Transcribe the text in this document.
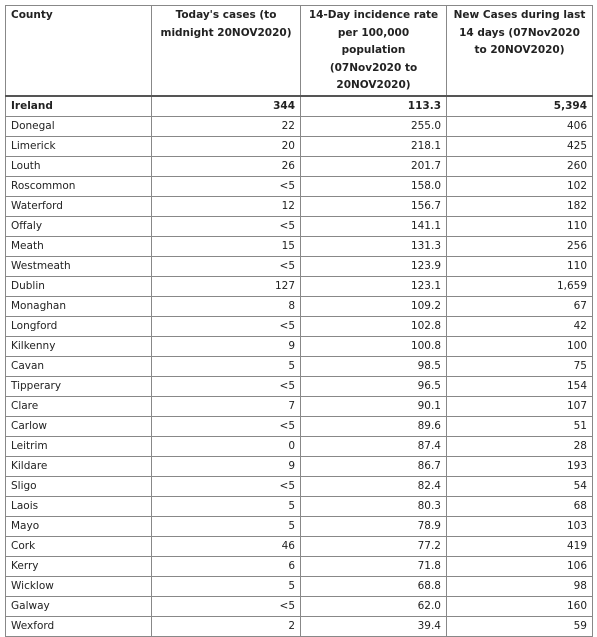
County	Today's cases (to midnight 20NOV2020)	14-Day incidence rate per 100,000 population (07Nov2020 to 20NOV2020)	New Cases during last 14 days (07Nov2020 to 20NOV2020)
Ireland	344	113.3	5,394
Donegal	22	255.0	406
Limerick	20	218.1	425
Louth	26	201.7	260
Roscommon	<5	158.0	102
Waterford	12	156.7	182
Offaly	<5	141.1	110
Meath	15	131.3	256
Westmeath	<5	123.9	110
Dublin	127	123.1	1,659
Monaghan	8	109.2	67
Longford	<5	102.8	42
Kilkenny	9	100.8	100
Cavan	5	98.5	75
Tipperary	<5	96.5	154
Clare	7	90.1	107
Carlow	<5	89.6	51
Leitrim	0	87.4	28
Kildare	9	86.7	193
Sligo	<5	82.4	54
Laois	5	80.3	68
Mayo	5	78.9	103
Cork	46	77.2	419
Kerry	6	71.8	106
Wicklow	5	68.8	98
Galway	<5	62.0	160
Wexford	2	39.4	59
